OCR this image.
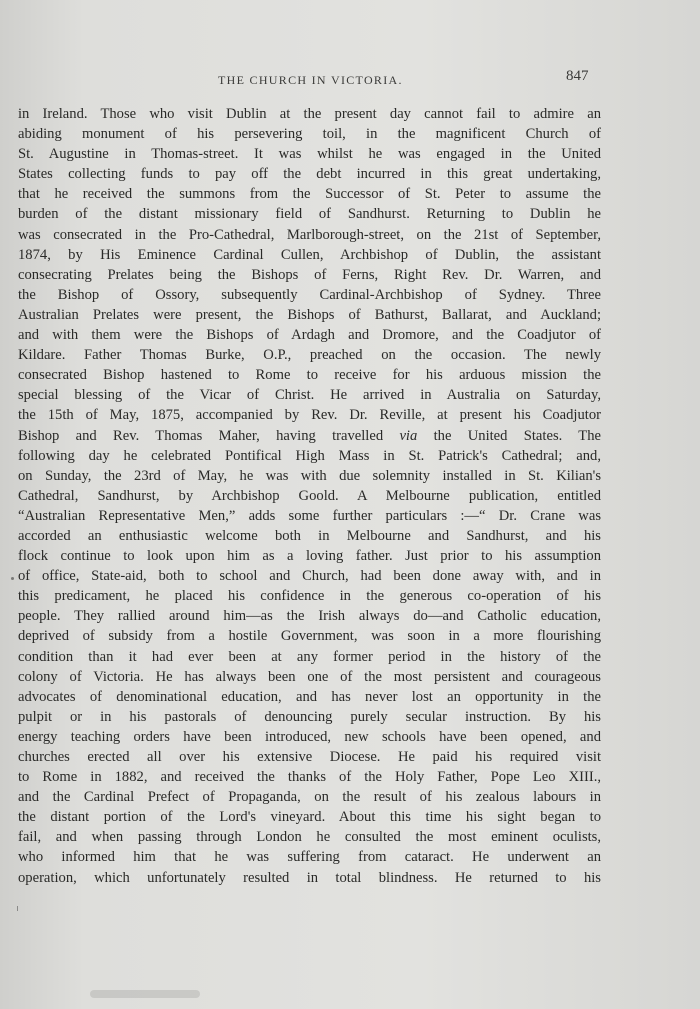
THE CHURCH IN VICTORIA.	847
in Ireland. Those who visit Dublin at the present day cannot fail to admire an
abiding monument of his persevering toil, in the magnificent Church of
St. Augustine in Thomas-street. It was whilst he was engaged in the United
States collecting funds to pay off the debt incurred in this great undertaking,
that he received the summons from the Successor of St. Peter to assume the
burden of the distant missionary field of Sandhurst. Returning to Dublin he
was consecrated in the Pro-Cathedral, Marlborough-street, on the 21st of September,
1874, by His Eminence Cardinal Cullen, Archbishop of Dublin, the assistant
consecrating Prelates being the Bishops of Ferns, Right Rev. Dr. Warren, and
the Bishop of Ossory, subsequently Cardinal-Archbishop of Sydney. Three
Australian Prelates were present, the Bishops of Bathurst, Ballarat, and Auckland;
and with them were the Bishops of Ardagh and Dromore, and the Coadjutor of
Kildare. Father Thomas Burke, O.P., preached on the occasion. The newly
consecrated Bishop hastened to Rome to receive for his arduous mission the
special blessing of the Vicar of Christ. He arrived in Australia on Saturday,
the 15th of May, 1875, accompanied by Rev. Dr. Reville, at present his Coadjutor
Bishop and Rev. Thomas Maher, having travelled via the United States. The
following day he celebrated Pontifical High Mass in St. Patrick's Cathedral; and,
on Sunday, the 23rd of May, he was with due solemnity installed in St. Kilian's
Cathedral, Sandhurst, by Archbishop Goold. A Melbourne publication, entitled
“Australian Representative Men,” adds some further particulars :—“ Dr. Crane was
accorded an enthusiastic welcome both in Melbourne and Sandhurst, and his
flock continue to look upon him as a loving father. Just prior to his assumption
of office, State-aid, both to school and Church, had been done away with, and in
this predicament, he placed his confidence in the generous co-operation of his
people. They rallied around him—as the Irish always do—and Catholic education,
deprived of subsidy from a hostile Government, was soon in a more flourishing
condition than it had ever been at any former period in the history of the
colony of Victoria. He has always been one of the most persistent and courageous
advocates of denominational education, and has never lost an opportunity in the
pulpit or in his pastorals of denouncing purely secular instruction. By his
energy teaching orders have been introduced, new schools have been opened, and
churches erected all over his extensive Diocese. He paid his required visit
to Rome in 1882, and received the thanks of the Holy Father, Pope Leo XIII.,
and the Cardinal Prefect of Propaganda, on the result of his zealous labours in
the distant portion of the Lord's vineyard. About this time his sight began to
fail, and when passing through London he consulted the most eminent oculists,
who informed him that he was suffering from cataract. He underwent an
operation, which unfortunately resulted in total blindness. He returned to his
